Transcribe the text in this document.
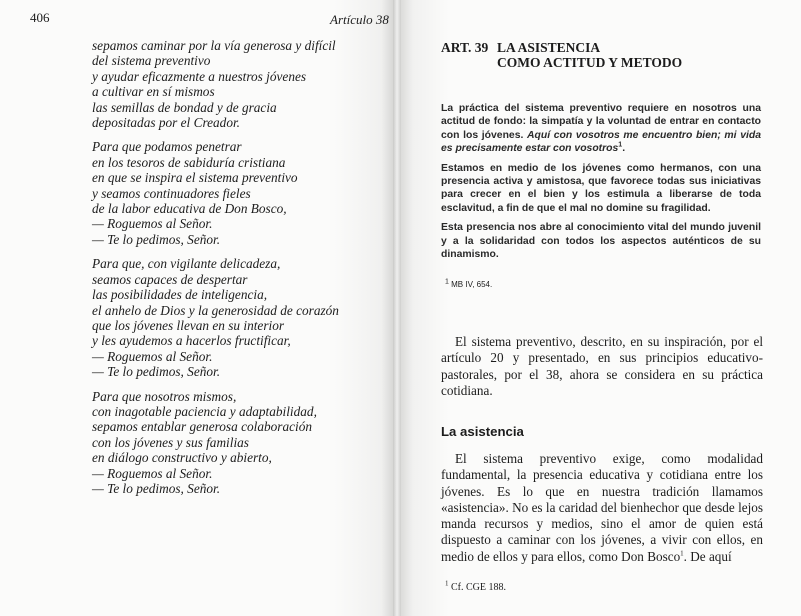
406	Artículo 38
sepamos caminar por la vía generosa y difícil
del sistema preventivo
y ayudar eficazmente a nuestros jóvenes
a cultivar en sí mismos
las semillas de bondad y de gracia
depositadas por el Creador.
Para que podamos penetrar
en los tesoros de sabiduría cristiana
en que se inspira el sistema preventivo
y seamos continuadores fieles
de la labor educativa de Don Bosco,
— Roguemos al Señor.
— Te lo pedimos, Señor.
Para que, con vigilante delicadeza,
seamos capaces de despertar
las posibilidades de inteligencia,
el anhelo de Dios y la generosidad de corazón
que los jóvenes llevan en su interior
y les ayudemos a hacerlos fructificar,
— Roguemos al Señor.
— Te lo pedimos, Señor.
Para que nosotros mismos,
con inagotable paciencia y adaptabilidad,
sepamos entablar generosa colaboración
con los jóvenes y sus familias
en diálogo constructivo y abierto,
— Roguemos al Señor.
— Te lo pedimos, Señor.
ART. 39 LA ASISTENCIA
COMO ACTITUD Y METODO

La práctica del sistema preventivo requiere en nosotros una actitud de fondo: la simpatía y la voluntad de entrar en contacto con los jóvenes. Aquí con vosotros me encuentro bien; mi vida es precisamente estar con vosotros$^1$.

Estamos en medio de los jóvenes como hermanos, con una presencia activa y amistosa, que favorece todas sus iniciativas para crecer en el bien y los estimula a liberarse de toda esclavitud, a fin de que el mal no domine su fragilidad.

Esta presencia nos abre al conocimiento vital del mundo juvenil y a la solidaridad con todos los aspectos auténticos de su dinamismo.

$^1$ MB IV, 654.

El sistema preventivo, descrito, en su inspiración, por el artículo 20 y presentado, en sus principios educativo-pastorales, por el 38, ahora se considera en su práctica cotidiana.

La asistencia

El sistema preventivo exige, como modalidad fundamental, la presencia educativa y cotidiana entre los jóvenes. Es lo que en nuestra tradición llamamos «asistencia». No es la caridad del bienhechor que desde lejos manda recursos y medios, sino el amor de quien está dispuesto a caminar con los jóvenes, a vivir con ellos, en medio de ellos y para ellos, como Don Bosco$^1$. De aquí

$^1$ Cf. CGE 188.
